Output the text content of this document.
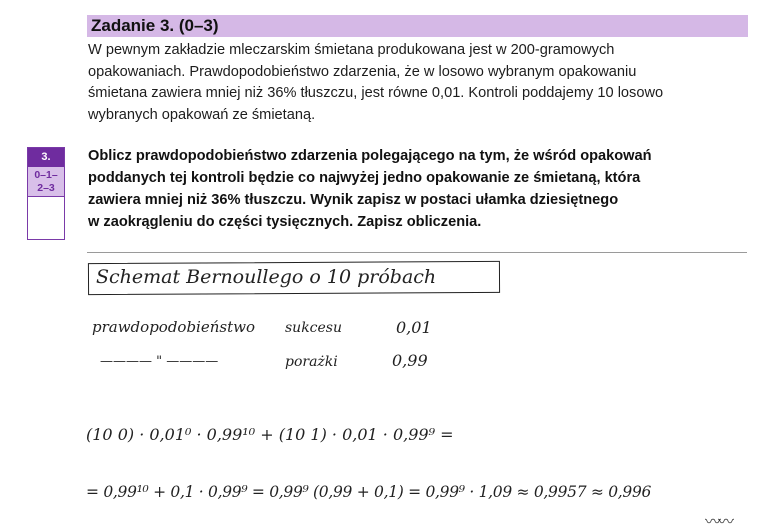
Zadanie 3. (0–3)
W pewnym zakładzie mleczarskim śmietana produkowana jest w 200-gramowych
opakowaniach. Prawdopodobieństwo zdarzenia, że w losowo wybranym opakowaniu
śmietana zawiera mniej niż 36% tłuszczu, jest równe 0,01. Kontroli poddajemy 10 losowo
wybranych opakowań ze śmietaną.
3.
0–1–
2–3
Oblicz prawdopodobieństwo zdarzenia polegającego na tym, że wśród opakowań
poddanych tej kontroli będzie co najwyżej jedno opakowanie ze śmietaną, która
zawiera mniej niż 36% tłuszczu. Wynik zapisz w postaci ułamka dziesiętnego
w zaokrągleniu do części tysięcznych. Zapisz obliczenia.
Schemat Bernoullego o 10 próbach
prawdopodobieństwo sukcesu	0,01
———— " ————	porażki	0,99
(10 0) · 0,01⁰ · 0,99¹⁰ + (10 1) · 0,01 · 0,99⁹ =
= 0,99¹⁰ + 0,1 · 0,99⁹ = 0,99⁹ (0,99 + 0,1) = 0,99⁹ · 1,09 ≈ 0,9957 ≈ 0,996
〰〰
